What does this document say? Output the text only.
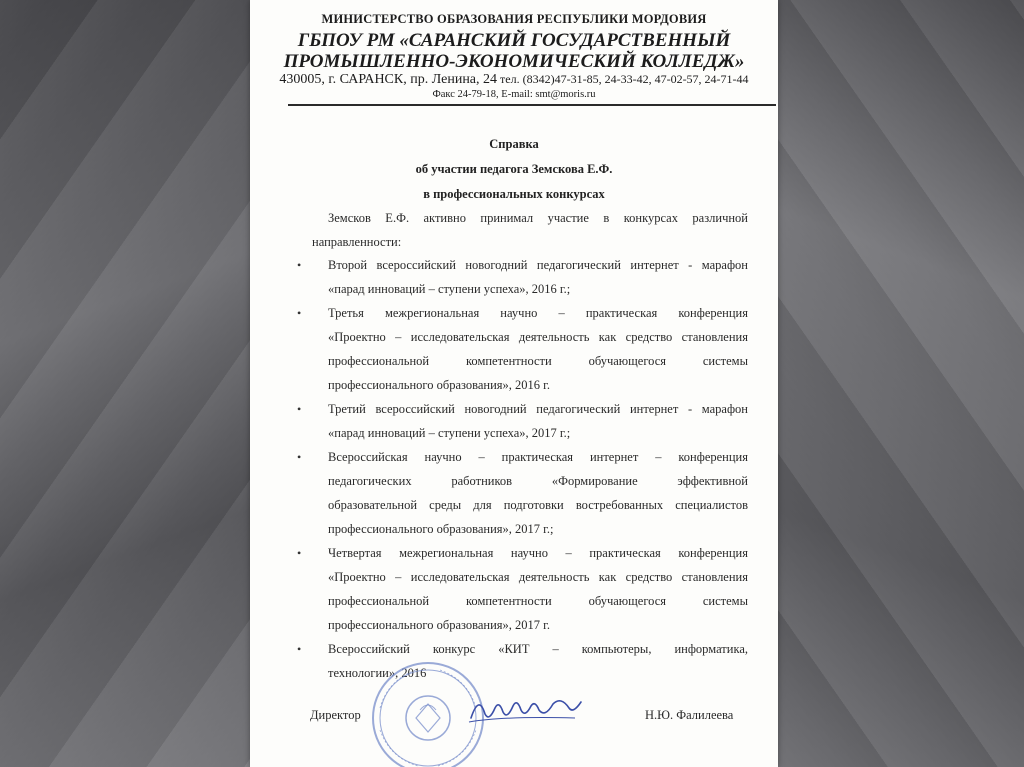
МИНИСТЕРСТВО ОБРАЗОВАНИЯ РЕСПУБЛИКИ МОРДОВИЯ
ГБПОУ РМ «САРАНСКИЙ ГОСУДАРСТВЕННЫЙ
ПРОМЫШЛЕННО-ЭКОНОМИЧЕСКИЙ КОЛЛЕДЖ»
430005, г. САРАНСК, пр. Ленина, 24 тел. (8342)47-31-85, 24-33-42, 47-02-57, 24-71-44
Факс 24-79-18, E-mail: smt@moris.ru
Справка
об участии педагога Земскова Е.Ф.
в профессиональных конкурсах
Земсков Е.Ф. активно принимал участие в конкурсах различной
направленности:
• Второй всероссийский новогодний педагогический интернет - марафон
«парад инноваций – ступени успеха», 2016 г.;
• Третья межрегиональная научно – практическая конференция
«Проектно – исследовательская деятельность как средство становления
профессиональной компетентности обучающегося системы
профессионального образования», 2016 г.
• Третий всероссийский новогодний педагогический интернет - марафон
«парад инноваций – ступени успеха», 2017 г.;
• Всероссийская научно – практическая интернет – конференция
педагогических работников «Формирование эффективной
образовательной среды для подготовки востребованных специалистов
профессионального образования», 2017 г.;
• Четвертая межрегиональная научно – практическая конференция
«Проектно – исследовательская деятельность как средство становления
профессиональной компетентности обучающегося системы
профессионального образования», 2017 г.
• Всероссийский конкурс «КИТ – компьютеры, информатика,
технологии», 2016
Директор	Н.Ю. Фалилеева
